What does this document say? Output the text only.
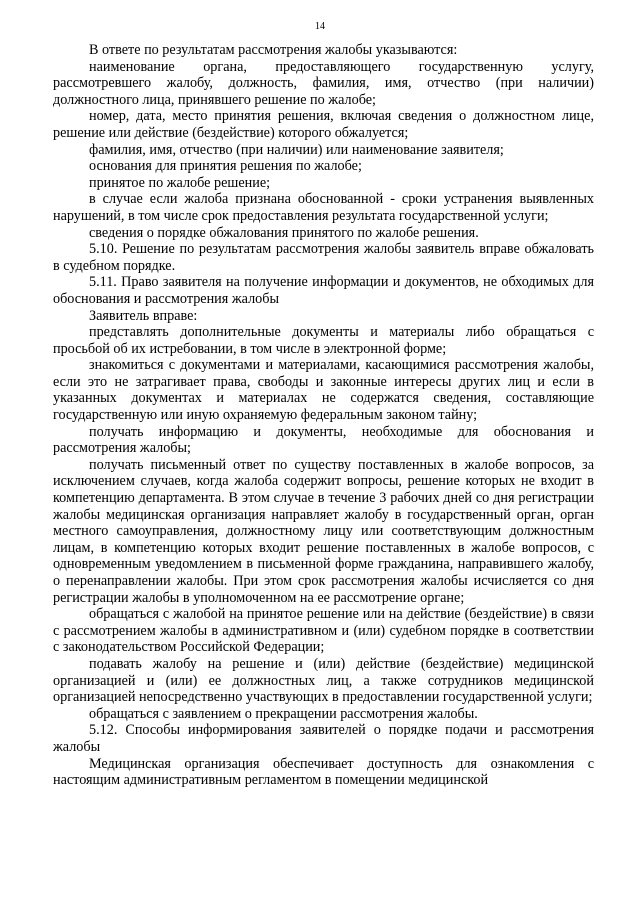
14

В ответе по результатам рассмотрения жалобы указываются:

наименование органа, предоставляющего государственную услугу, рассмотревшего жалобу, должность, фамилия, имя, отчество (при наличии) должностного лица, принявшего решение по жалобе;

номер, дата, место принятия решения, включая сведения о должностном лице, решение или действие (бездействие) которого обжалуется;

фамилия, имя, отчество (при наличии) или наименование заявителя;

основания для принятия решения по жалобе;

принятое по жалобе решение;

в случае если жалоба признана обоснованной - сроки устранения выявленных нарушений, в том числе срок предоставления результата государственной услуги;

сведения о порядке обжалования принятого по жалобе решения.

5.10. Решение по результатам рассмотрения жалобы заявитель вправе обжаловать в судебном порядке.

5.11. Право заявителя на получение информации и документов, не обходимых для обоснования и рассмотрения жалобы

Заявитель вправе:

представлять дополнительные документы и материалы либо обращаться с просьбой об их истребовании, в том числе в электронной форме;

знакомиться с документами и материалами, касающимися рассмотрения жалобы, если это не затрагивает права, свободы и законные интересы других лиц и если в указанных документах и материалах не содержатся сведения, составляющие государственную или иную охраняемую федеральным законом тайну;

получать информацию и документы, необходимые для обоснования и рассмотрения жалобы;

получать письменный ответ по существу поставленных в жалобе вопросов, за исключением случаев, когда жалоба содержит вопросы, решение которых не входит в компетенцию департамента. В этом случае в течение 3 рабочих дней со дня регистрации жалобы медицинская организация направляет жалобу в государственный орган, орган местного самоуправления, должностному лицу или соответствующим должностным лицам, в компетенцию которых входит решение поставленных в жалобе вопросов, с одновременным уведомлением в письменной форме гражданина, направившего жалобу, о перенаправлении жалобы. При этом срок рассмотрения жалобы исчисляется со дня регистрации жалобы в уполномоченном на ее рассмотрение органе;

обращаться с жалобой на принятое решение или на действие (бездействие) в связи с рассмотрением жалобы в административном и (или) судебном порядке в соответствии с законодательством Российской Федерации;

подавать жалобу на решение и (или) действие (бездействие) медицинской организацией и (или) ее должностных лиц, а также сотрудников медицинской организацией непосредственно участвующих в предоставлении государственной услуги;

обращаться с заявлением о прекращении рассмотрения жалобы.

5.12. Способы информирования заявителей о порядке подачи и рассмотрения жалобы

Медицинская организация обеспечивает доступность для ознакомления с настоящим административным регламентом в помещении медицинской
